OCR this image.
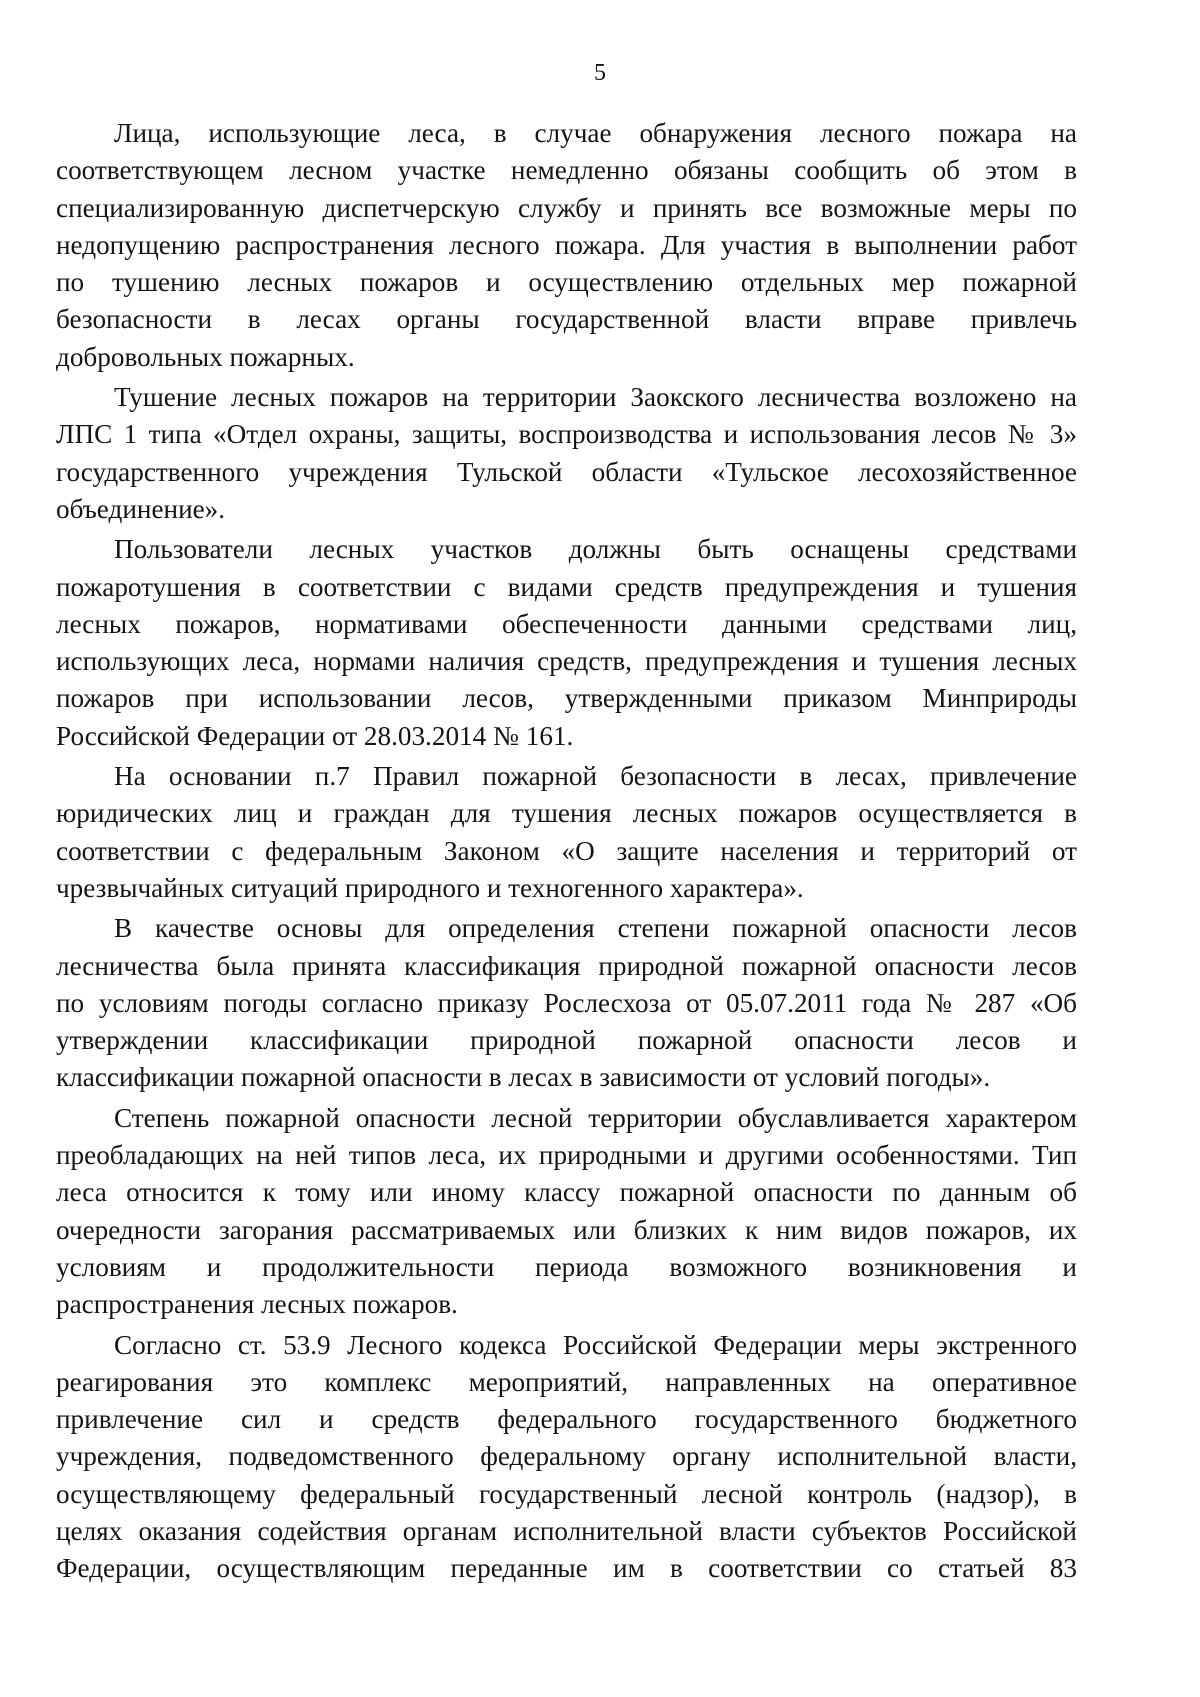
5
Лица, использующие леса, в случае обнаружения лесного пожара на
соответствующем лесном участке немедленно обязаны сообщить об этом в
специализированную диспетчерскую службу и принять все возможные меры по
недопущению распространения лесного пожара. Для участия в выполнении работ
по тушению лесных пожаров и осуществлению отдельных мер пожарной
безопасности в лесах органы государственной власти вправе привлечь
добровольных пожарных.
Тушение лесных пожаров на территории Заокского лесничества возложено на
ЛПС 1 типа «Отдел охраны, защиты, воспроизводства и использования лесов № 3»
государственного учреждения Тульской области «Тульское лесохозяйственное
объединение».
Пользователи лесных участков должны быть оснащены средствами
пожаротушения в соответствии с видами средств предупреждения и тушения
лесных пожаров, нормативами обеспеченности данными средствами лиц,
использующих леса, нормами наличия средств, предупреждения и тушения лесных
пожаров при использовании лесов, утвержденными приказом Минприроды
Российской Федерации от 28.03.2014 № 161.
На основании п.7 Правил пожарной безопасности в лесах, привлечение
юридических лиц и граждан для тушения лесных пожаров осуществляется в
соответствии с федеральным Законом «О защите населения и территорий от
чрезвычайных ситуаций природного и техногенного характера».
В качестве основы для определения степени пожарной опасности лесов
лесничества была принята классификация природной пожарной опасности лесов
по условиям погоды согласно приказу Рослесхоза от 05.07.2011 года № 287 «Об
утверждении классификации природной пожарной опасности лесов и
классификации пожарной опасности в лесах в зависимости от условий погоды».
Степень пожарной опасности лесной территории обуславливается характером
преобладающих на ней типов леса, их природными и другими особенностями. Тип
леса относится к тому или иному классу пожарной опасности по данным об
очередности загорания рассматриваемых или близких к ним видов пожаров, их
условиям и продолжительности периода возможного возникновения и
распространения лесных пожаров.
Согласно ст. 53.9 Лесного кодекса Российской Федерации меры экстренного
реагирования это комплекс мероприятий, направленных на оперативное
привлечение сил и средств федерального государственного бюджетного
учреждения, подведомственного федеральному органу исполнительной власти,
осуществляющему федеральный государственный лесной контроль (надзор), в
целях оказания содействия органам исполнительной власти субъектов Российской
Федерации, осуществляющим переданные им в соответствии со статьей 83
